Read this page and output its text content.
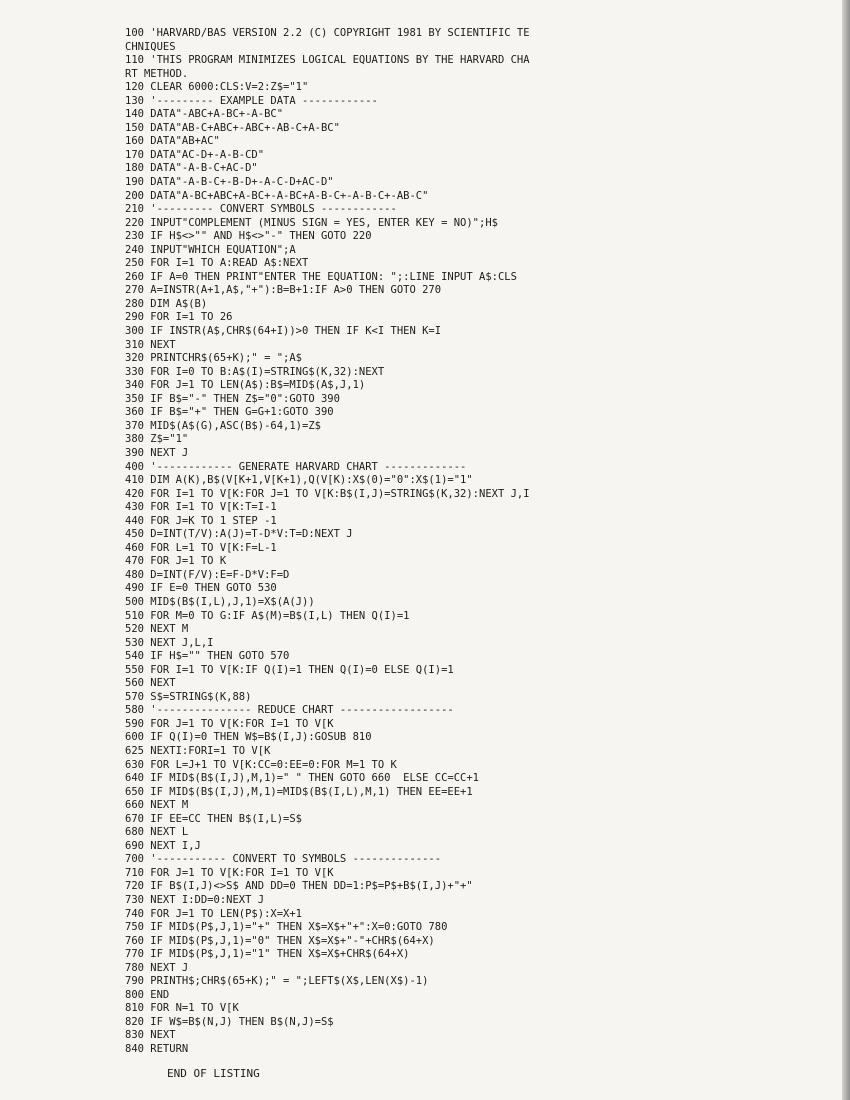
100 'HARVARD/BAS VERSION 2.2 (C) COPYRIGHT 1981 BY SCIENTIFIC TE
CHNIQUES
110 'THIS PROGRAM MINIMIZES LOGICAL EQUATIONS BY THE HARVARD CHA
RT METHOD.
120 CLEAR 6000:CLS:V=2:Z$="1"
130 '--------- EXAMPLE DATA ------------
140 DATA"-ABC+A-BC+-A-BC"
150 DATA"AB-C+ABC+-ABC+-AB-C+A-BC"
160 DATA"AB+AC"
170 DATA"AC-D+-A-B-CD"
180 DATA"-A-B-C+AC-D"
190 DATA"-A-B-C+-B-D+-A-C-D+AC-D"
200 DATA"A-BC+ABC+A-BC+-A-BC+A-B-C+-A-B-C+-AB-C"
210 '--------- CONVERT SYMBOLS ------------
220 INPUT"COMPLEMENT (MINUS SIGN = YES, ENTER KEY = NO)";H$
230 IF H$<>"" AND H$<>"-" THEN GOTO 220
240 INPUT"WHICH EQUATION";A
250 FOR I=1 TO A:READ A$:NEXT
260 IF A=0 THEN PRINT"ENTER THE EQUATION: ";:LINE INPUT A$:CLS
270 A=INSTR(A+1,A$,"+"):B=B+1:IF A>0 THEN GOTO 270
280 DIM A$(B)
290 FOR I=1 TO 26
300 IF INSTR(A$,CHR$(64+I))>0 THEN IF K<I THEN K=I
310 NEXT
320 PRINTCHR$(65+K);" = ";A$
330 FOR I=0 TO B:A$(I)=STRING$(K,32):NEXT
340 FOR J=1 TO LEN(A$):B$=MID$(A$,J,1)
350 IF B$="-" THEN Z$="0":GOTO 390
360 IF B$="+" THEN G=G+1:GOTO 390
370 MID$(A$(G),ASC(B$)-64,1)=Z$
380 Z$="1"
390 NEXT J
400 '------------ GENERATE HARVARD CHART -------------
410 DIM A(K),B$(V[K+1,V[K+1),Q(V[K):X$(0)="0":X$(1)="1"
420 FOR I=1 TO V[K:FOR J=1 TO V[K:B$(I,J)=STRING$(K,32):NEXT J,I
430 FOR I=1 TO V[K:T=I-1
440 FOR J=K TO 1 STEP -1
450 D=INT(T/V):A(J)=T-D*V:T=D:NEXT J
460 FOR L=1 TO V[K:F=L-1
470 FOR J=1 TO K
480 D=INT(F/V):E=F-D*V:F=D
490 IF E=0 THEN GOTO 530
500 MID$(B$(I,L),J,1)=X$(A(J))
510 FOR M=0 TO G:IF A$(M)=B$(I,L) THEN Q(I)=1
520 NEXT M
530 NEXT J,L,I
540 IF H$="" THEN GOTO 570
550 FOR I=1 TO V[K:IF Q(I)=1 THEN Q(I)=0 ELSE Q(I)=1
560 NEXT
570 S$=STRING$(K,88)
580 '--------------- REDUCE CHART ------------------
590 FOR J=1 TO V[K:FOR I=1 TO V[K
600 IF Q(I)=0 THEN W$=B$(I,J):GOSUB 810
625 NEXTI:FORI=1 TO V[K
630 FOR L=J+1 TO V[K:CC=0:EE=0:FOR M=1 TO K
640 IF MID$(B$(I,J),M,1)=" " THEN GOTO 660  ELSE CC=CC+1
650 IF MID$(B$(I,J),M,1)=MID$(B$(I,L),M,1) THEN EE=EE+1
660 NEXT M
670 IF EE=CC THEN B$(I,L)=S$
680 NEXT L
690 NEXT I,J
700 '----------- CONVERT TO SYMBOLS --------------
710 FOR J=1 TO V[K:FOR I=1 TO V[K
720 IF B$(I,J)<>S$ AND DD=0 THEN DD=1:P$=P$+B$(I,J)+"+"
730 NEXT I:DD=0:NEXT J
740 FOR J=1 TO LEN(P$):X=X+1
750 IF MID$(P$,J,1)="+" THEN X$=X$+"+":X=0:GOTO 780
760 IF MID$(P$,J,1)="0" THEN X$=X$+"-"+CHR$(64+X)
770 IF MID$(P$,J,1)="1" THEN X$=X$+CHR$(64+X)
780 NEXT J
790 PRINTH$;CHR$(65+K);" = ";LEFT$(X$,LEN(X$)-1)
800 END
810 FOR N=1 TO V[K
820 IF W$=B$(N,J) THEN B$(N,J)=S$
830 NEXT
840 RETURN
END OF LISTING
